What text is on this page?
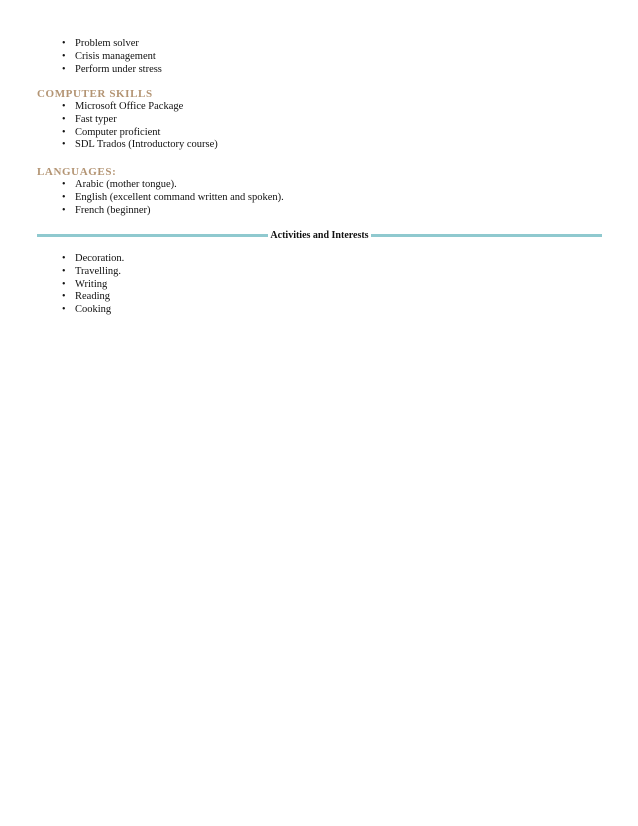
• Problem solver
• Crisis management
• Perform under stress
COMPUTER SKILLS
• Microsoft Office Package
• Fast typer
• Computer proficient
• SDL Trados (Introductory course)
LANGUAGES:
• Arabic (mother tongue).
• English (excellent command written and spoken).
• French (beginner)
Activities and Interests
• Decoration.
• Travelling.
• Writing
• Reading
• Cooking
